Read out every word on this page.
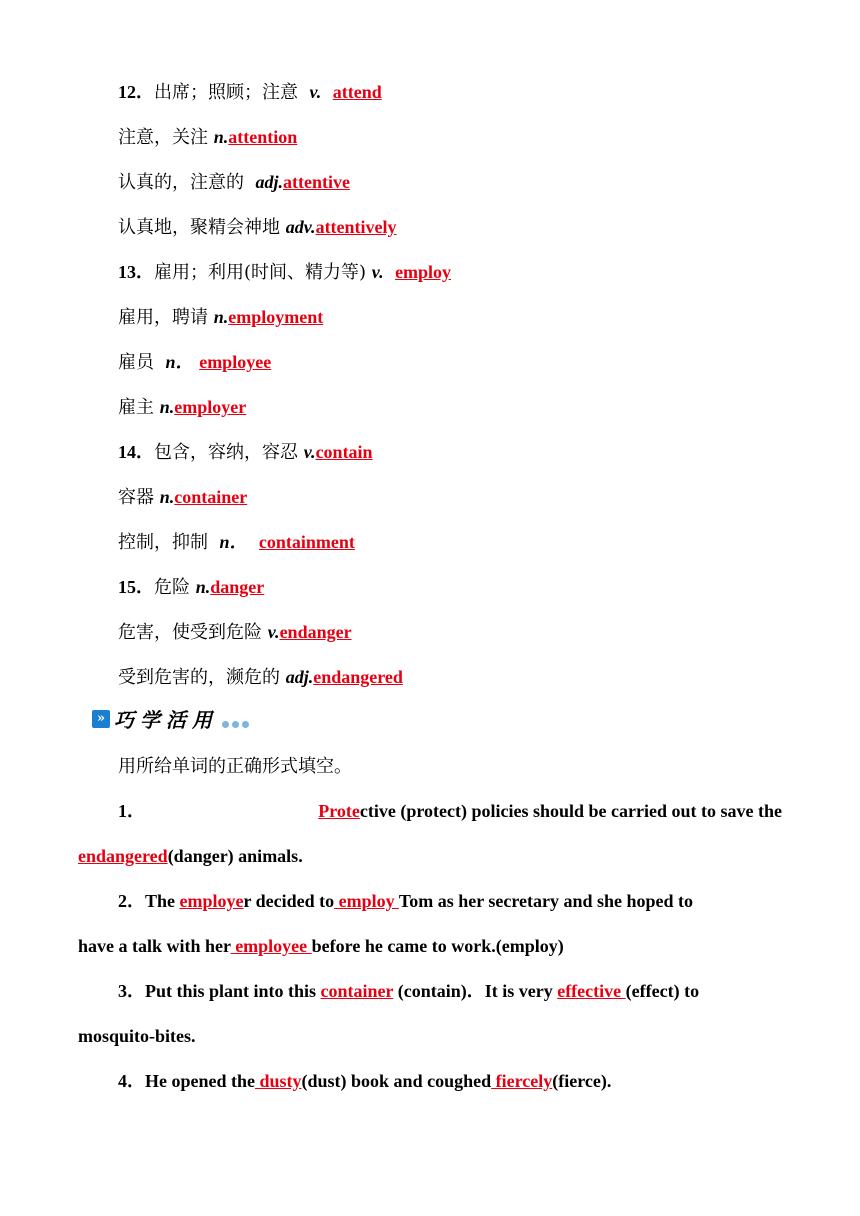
12．出席；照顾；注意 v. attend
注意，关注 n.attention
认真的，注意的 adj.attentive
认真地，聚精会神地 adv.attentively
13．雇用；利用(时间、精力等) v. employ
雇用，聘请 n.employment
雇员 n． employee
雇主 n.employer
14．包含，容纳，容忍 v.contain
容器 n.container
控制，抑制 n． containment
15．危险 n.danger
危害，使受到危险 v.endanger
受到危害的，濒危的 adj.endangered
» 巧学活用
用所给单词的正确形式填空。
1．	Protective (protect) policies should be carried out to save the
endangered(danger) animals.
2．The employer decided to employ Tom as her secretary and she hoped to
have a talk with her employee before he came to work.(employ)
3．Put this plant into this container (contain)．It is very effective (effect) to
mosquito-bites.
4．He opened the dusty(dust) book and coughed fiercely(fierce).
